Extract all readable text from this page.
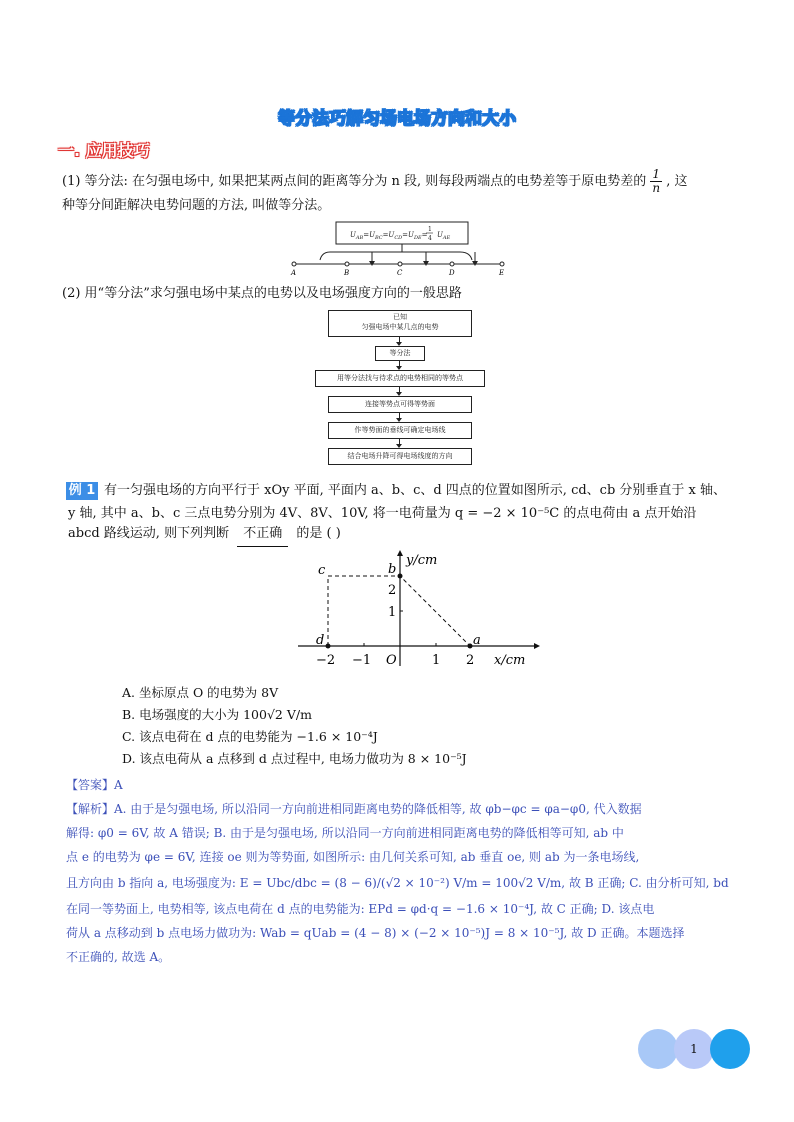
等分法巧解匀场电场方向和大小
一. 应用技巧
(1) 等分法: 在匀强电场中, 如果把某两点间的距离等分为 n 段, 则每段两端点的电势差等于原电势差的 $\frac{1}{n}$ , 这
种等分间距解决电势问题的方法, 叫做等分法。
$U_{AB}=U_{BC}=U_{CD}=U_{DE}=$
1
4 $U_{AE}$
A	B	C	D	E
(2) 用“等分法”求匀强电场中某点的电势以及电场强度方向的一般思路
已知
匀强电场中某几点的电势
等分法
用等分法找与待求点的电势相同的等势点
连接等势点可得等势面
作等势面的垂线可确定电场线
结合电场升降可得电场线度的方向
例 1 有一匀强电场的方向平行于 xOy 平面, 平面内 a、b、c、d 四点的位置如图所示, cd、cb 分别垂直于 x 轴、
y 轴, 其中 a、b、c 三点电势分别为 4V、8V、10V, 将一电荷量为 q = −2 × 10⁻⁵C 的点电荷由 a 点开始沿
abcd 路线运动, 则下列判断 不正确 的是 ( )
y/cm
x/cm
O
−2 −1	1 2
1
2
a
b
c
d
A. 坐标原点 O 的电势为 8V
B. 电场强度的大小为 100√2 V/m
C. 该点电荷在 d 点的电势能为 −1.6 × 10⁻⁴J
D. 该点电荷从 a 点移到 d 点过程中, 电场力做功为 8 × 10⁻⁵J
【答案】A
【解析】A. 由于是匀强电场, 所以沿同一方向前进相同距离电势的降低相等, 故 φb−φc = φa−φ0, 代入数据
解得: φ0 = 6V, 故 A 错误; B. 由于是匀强电场, 所以沿同一方向前进相同距离电势的降低相等可知, ab 中
点 e 的电势为 φe = 6V, 连接 oe 则为等势面, 如图所示: 由几何关系可知, ab 垂直 oe, 则 ab 为一条电场线,
且方向由 b 指向 a, 电场强度为: E = Ubc/dbc = (8 − 6)/(√2 × 10⁻²) V/m = 100√2 V/m, 故 B 正确; C. 由分析可知, bd
在同一等势面上, 电势相等, 该点电荷在 d 点的电势能为: EPd = φd·q = −1.6 × 10⁻⁴J, 故 C 正确; D. 该点电
荷从 a 点移动到 b 点电场力做功为: Wab = qUab = (4 − 8) × (−2 × 10⁻⁵)J = 8 × 10⁻⁵J, 故 D 正确。本题选择
不正确的, 故选 A。
1
